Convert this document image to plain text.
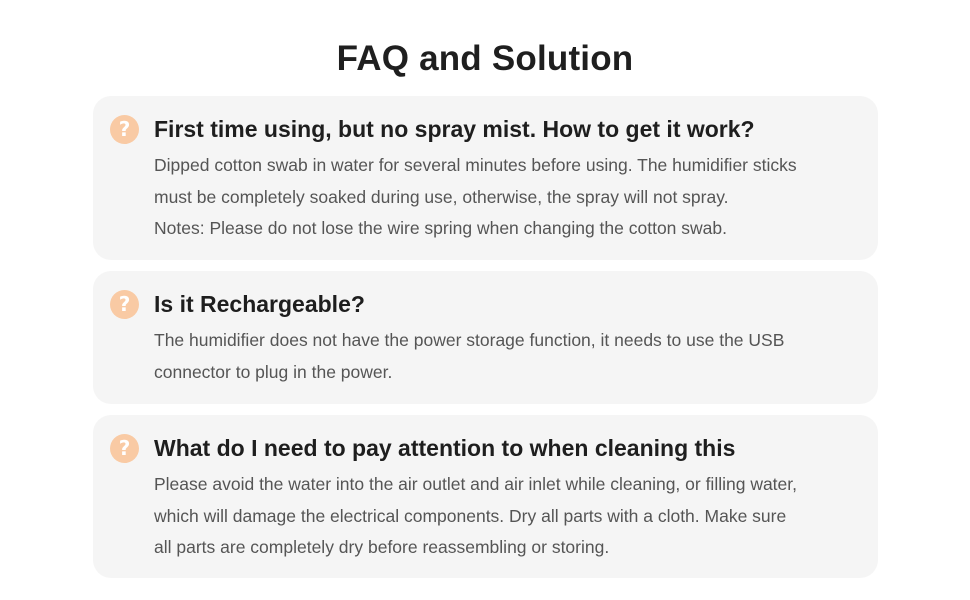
FAQ and Solution
?	First time using, but no spray mist. How to get it work?
Dipped cotton swab in water for several minutes before using. The humidifier sticks
must be completely soaked during use, otherwise, the spray will not spray.
Notes: Please do not lose the wire spring when changing the cotton swab.
?	Is it Rechargeable?
The humidifier does not have the power storage function, it needs to use the USB
connector to plug in the power.
?	What do I need to pay attention to when cleaning this
Please avoid the water into the air outlet and air inlet while cleaning, or filling water,
which will damage the electrical components. Dry all parts with a cloth. Make sure
all parts are completely dry before reassembling or storing.
